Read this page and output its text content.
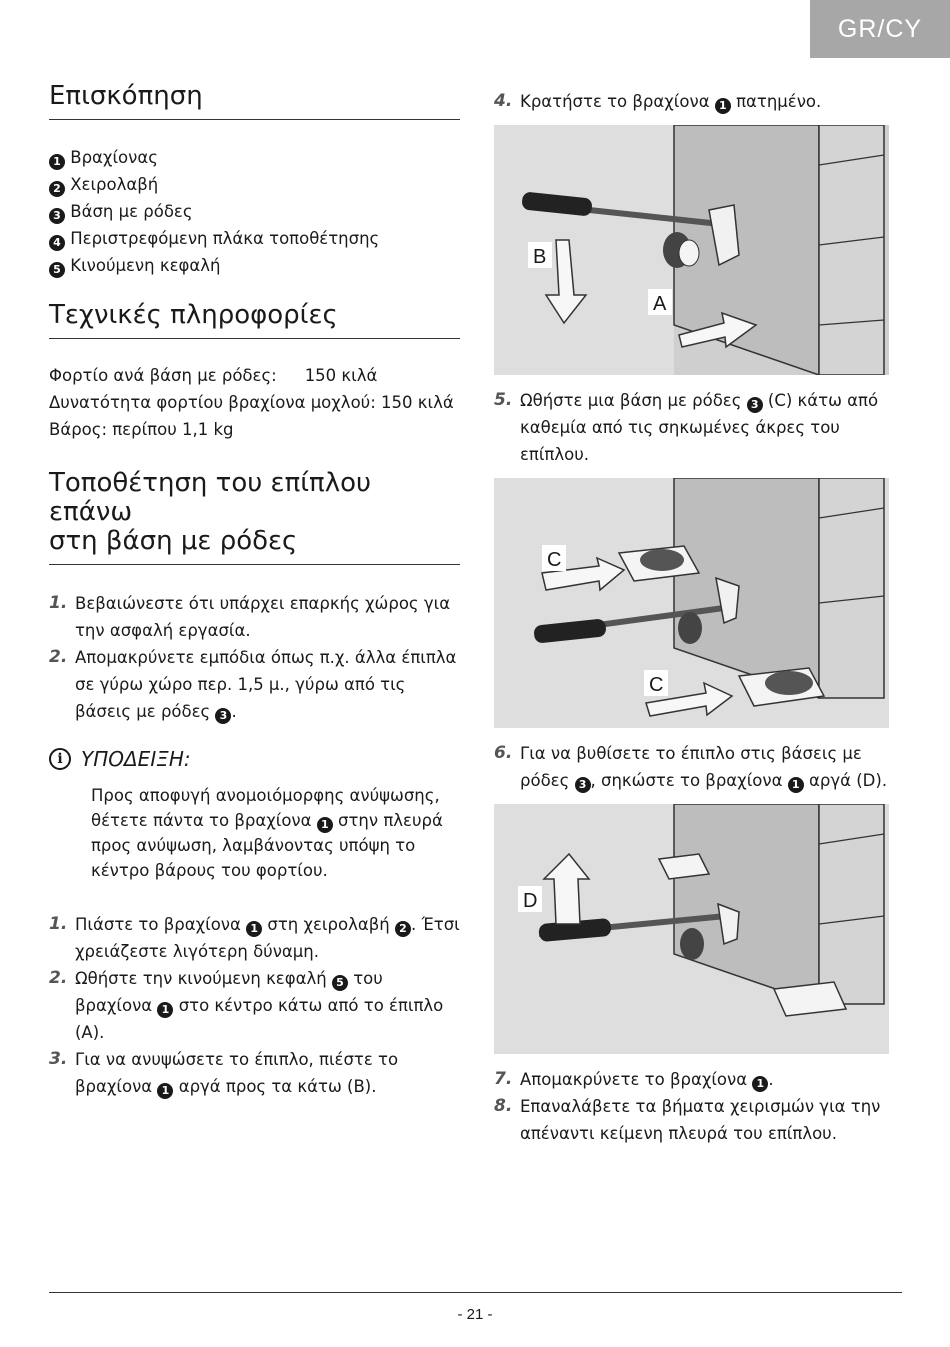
GR/CY
Επισκόπηση

1 Βραχίονας

2 Χειρολαβή

3 Βάση με ρόδες

4 Περιστρεφόμενη πλάκα τοποθέτησης

5 Κινούμενη κεφαλή

Τεχνικές πληροφορίες

Φορτίο ανά βάση με ρόδες: 150 κιλά

Δυνατότητα φορτίου βραχίονα μοχλού: 150 κιλά

Βάρος: περίπου 1,1 kg

Τοποθέτηση του επίπλου επάνω
στη βάση με ρόδες
1. Βεβαιώνεστε ότι υπάρχει επαρκής χώρος για την ασφαλή εργασία.
2. Απομακρύνετε εμπόδια όπως π.χ. άλλα έπιπλα σε γύρω χώρο περ. 1,5 μ., γύρω από τις βάσεις με ρόδες 3 .
i ΥΠΟΔΕΙΞΗ:
Προς αποφυγή ανομοιόμορφης ανύψωσης, θέτετε πάντα το βραχίονα 1 στην πλευρά προς ανύψωση, λαμβάνοντας υπόψη το κέντρο βάρους του φορτίου.
1. Πιάστε το βραχίονα 1 στη χειρολαβή 2 . Έτσι χρειάζεστε λιγότερη δύναμη.
2. Ωθήστε την κινούμενη κεφαλή 5 του βραχίονα 1 στο κέντρο κάτω από το έπιπλο (A).
3. Για να ανυψώσετε το έπιπλο, πιέστε το βραχίονα 1 αργά προς τα κάτω (B).
4. Κρατήστε το βραχίονα 1 πατημένο.
B
A
5. Ωθήστε μια βάση με ρόδες 3 (C) κάτω από καθεμία από τις σηκωμένες άκρες του επίπλου.
C
C
6. Για να βυθίσετε το έπιπλο στις βάσεις με ρόδες 3 , σηκώστε το βραχίονα 1 αργά (D).
D
7. Απομακρύνετε το βραχίονα 1 .
8. Επαναλάβετε τα βήματα χειρισμών για την απέναντι κείμενη πλευρά του επίπλου.
- 21 -
